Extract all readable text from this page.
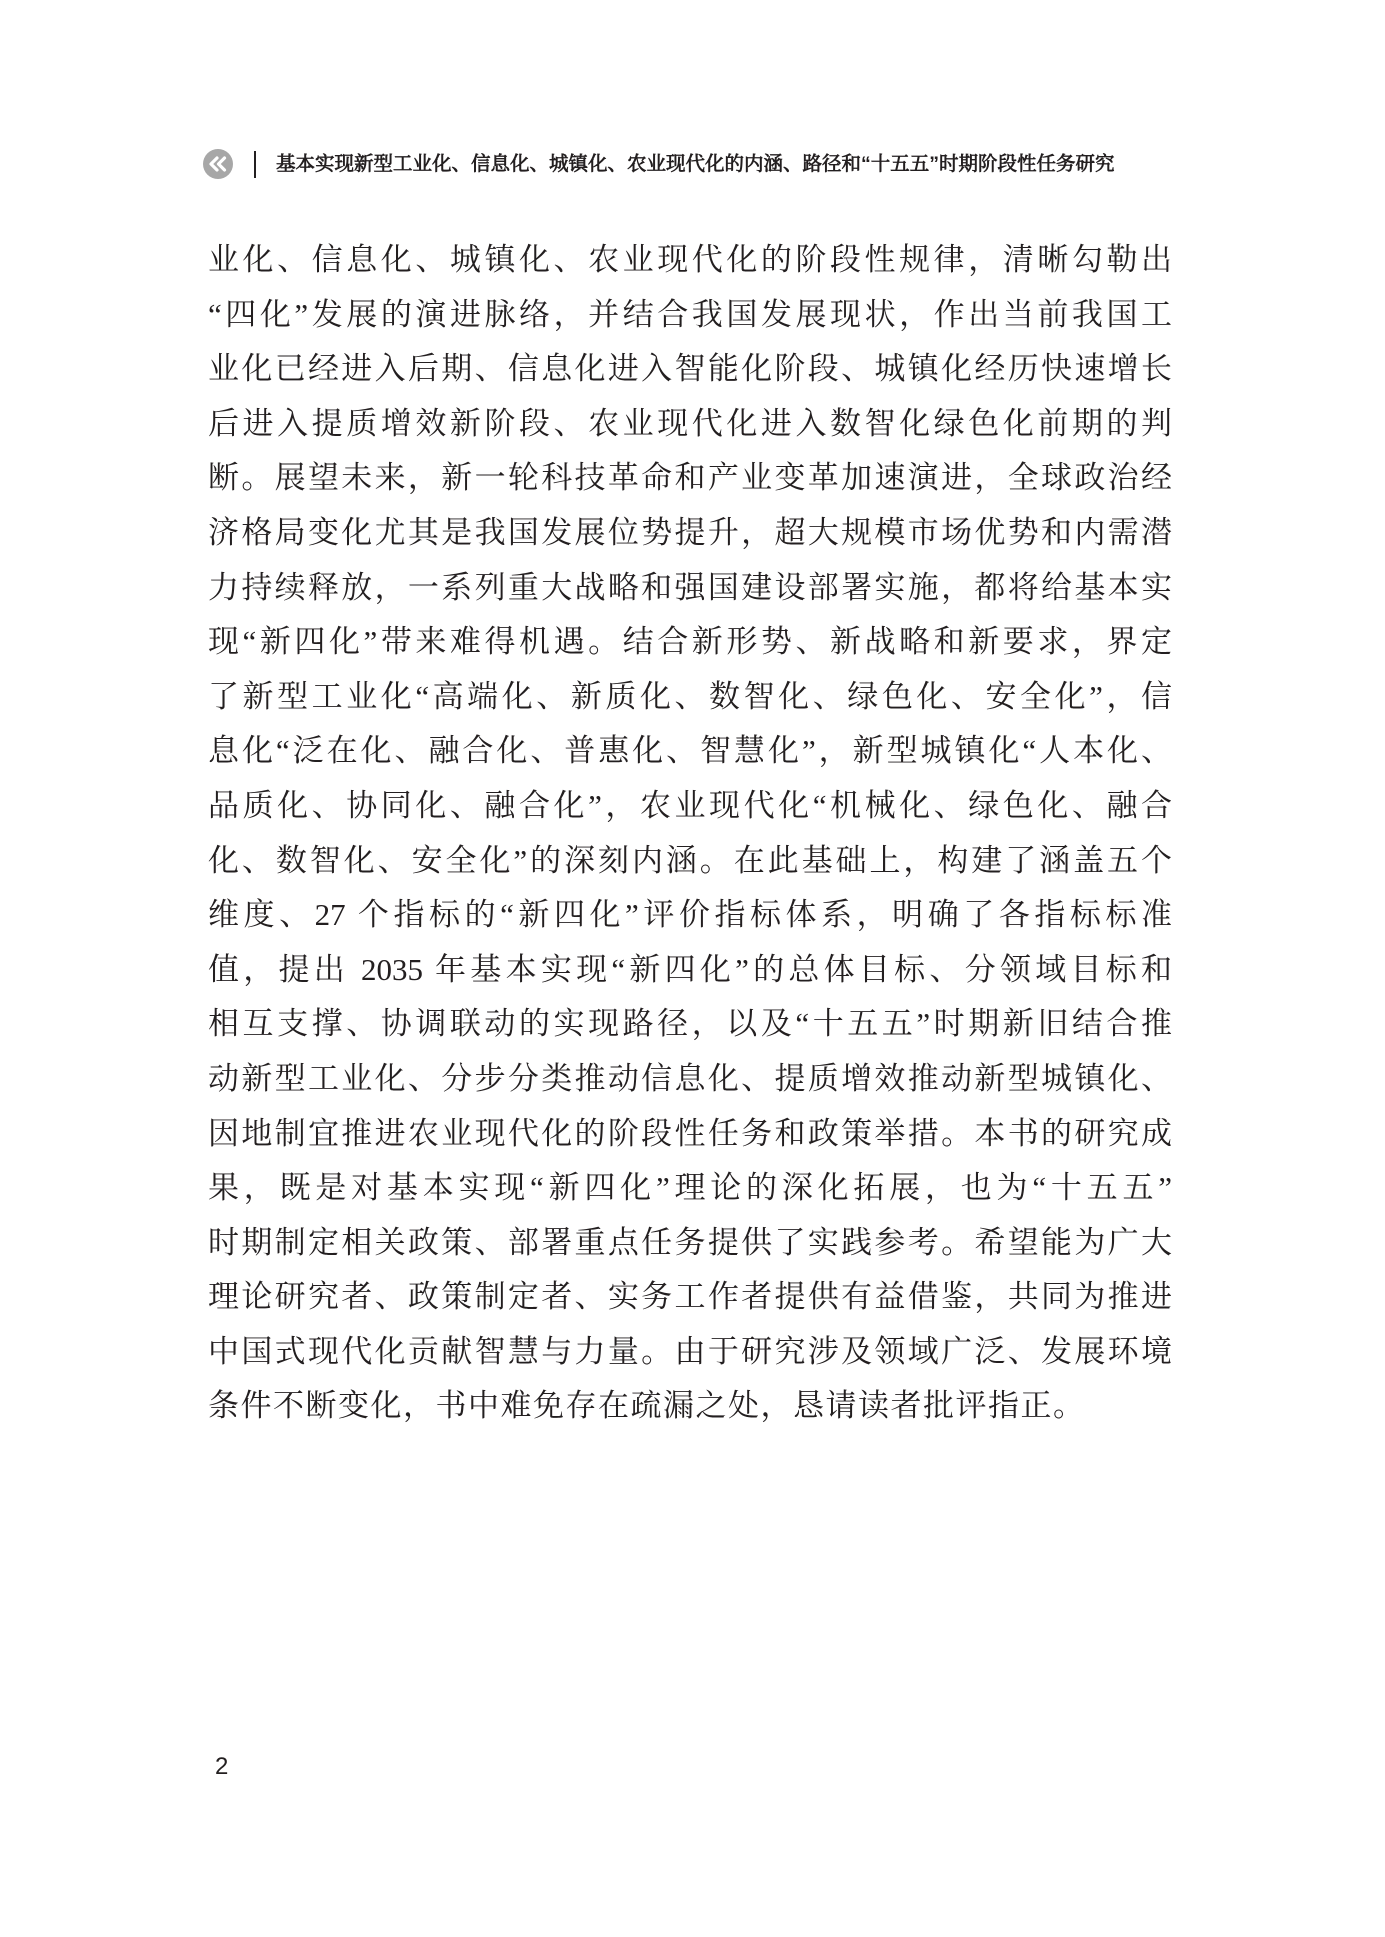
基本实现新型工业化、信息化、城镇化、农业现代化的内涵、路径和“十五五”时期阶段性任务研究
业化、信息化、城镇化、农业现代化的阶段性规律，清晰勾勒出
“四化”发展的演进脉络，并结合我国发展现状，作出当前我国工
业化已经进入后期、信息化进入智能化阶段、城镇化经历快速增长
后进入提质增效新阶段、农业现代化进入数智化绿色化前期的判
断。展望未来，新一轮科技革命和产业变革加速演进，全球政治经
济格局变化尤其是我国发展位势提升，超大规模市场优势和内需潜
力持续释放，一系列重大战略和强国建设部署实施，都将给基本实
现“新四化”带来难得机遇。结合新形势、新战略和新要求，界定
了新型工业化“高端化、新质化、数智化、绿色化、安全化”，信
息化“泛在化、融合化、普惠化、智慧化”，新型城镇化“人本化、
品质化、协同化、融合化”，农业现代化“机械化、绿色化、融合
化、数智化、安全化”的深刻内涵。在此基础上，构建了涵盖五个
维度、27 个指标的“新四化”评价指标体系，明确了各指标标准
值，提出 2035 年基本实现“新四化”的总体目标、分领域目标和
相互支撑、协调联动的实现路径，以及“十五五”时期新旧结合推
动新型工业化、分步分类推动信息化、提质增效推动新型城镇化、
因地制宜推进农业现代化的阶段性任务和政策举措。本书的研究成
果，既是对基本实现“新四化”理论的深化拓展，也为“十五五”
时期制定相关政策、部署重点任务提供了实践参考。希望能为广大
理论研究者、政策制定者、实务工作者提供有益借鉴，共同为推进
中国式现代化贡献智慧与力量。由于研究涉及领域广泛、发展环境
条件不断变化，书中难免存在疏漏之处，恳请读者批评指正。
2
